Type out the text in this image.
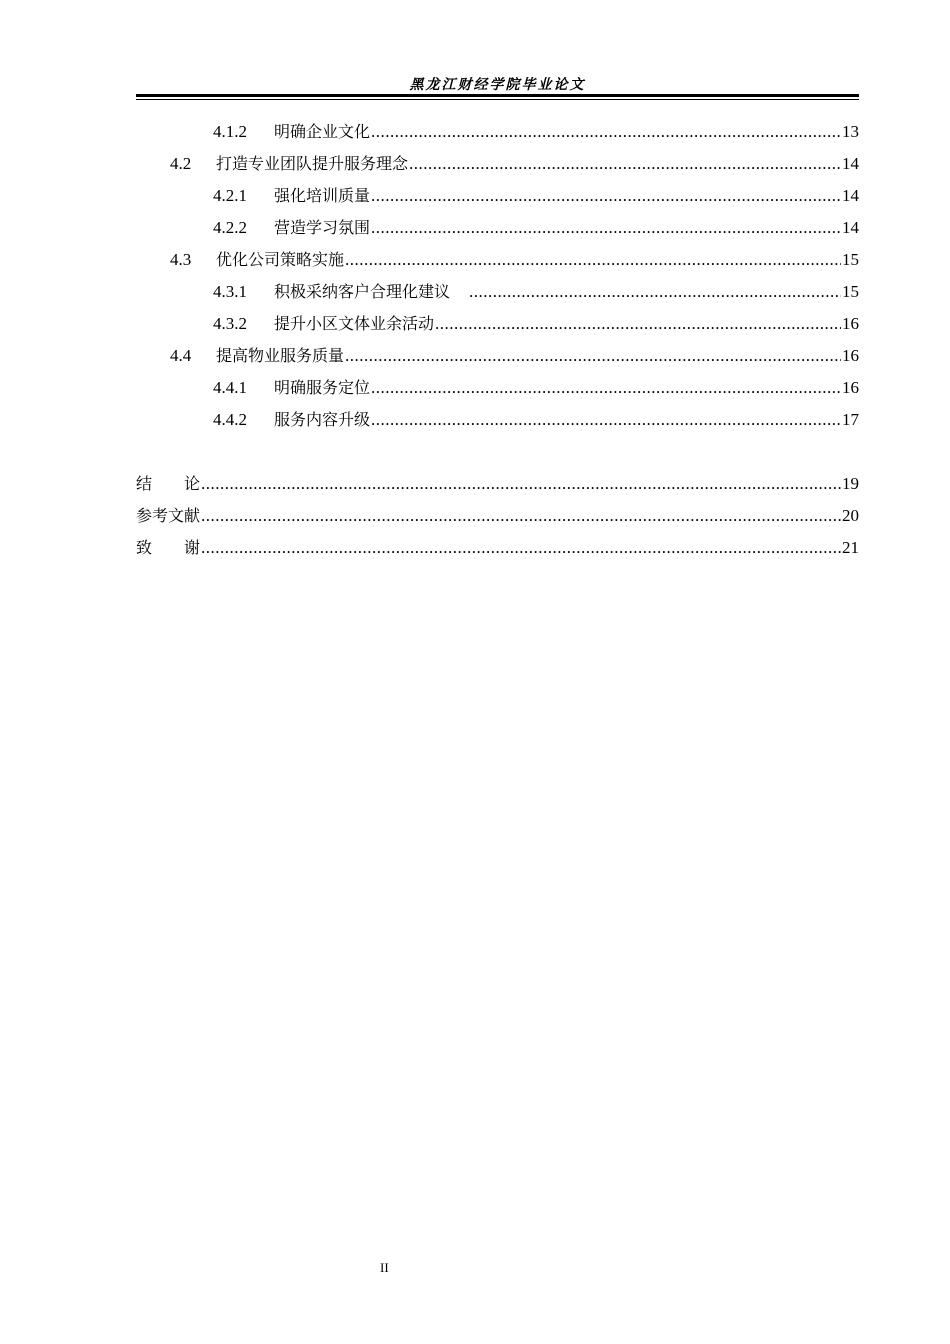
黑龙江财经学院毕业论文
4.1.2	明确企业文化 .....	13
4.2	打造专业团队提升服务理念 .....	14
4.2.1	强化培训质量 .....	14
4.2.2	营造学习氛围 .....	14
4.3	优化公司策略实施 .....	15
4.3.1	积极采纳客户合理化建议 .....	15
4.3.2	提升小区文体业余活动 .....	16
4.4	提高物业服务质量 .....	16
4.4.1	明确服务定位 .....	16
4.4.2	服务内容升级 .....	17
结　　论 .....	19
参考文献 .....	20
致　　谢 .....	21
II
